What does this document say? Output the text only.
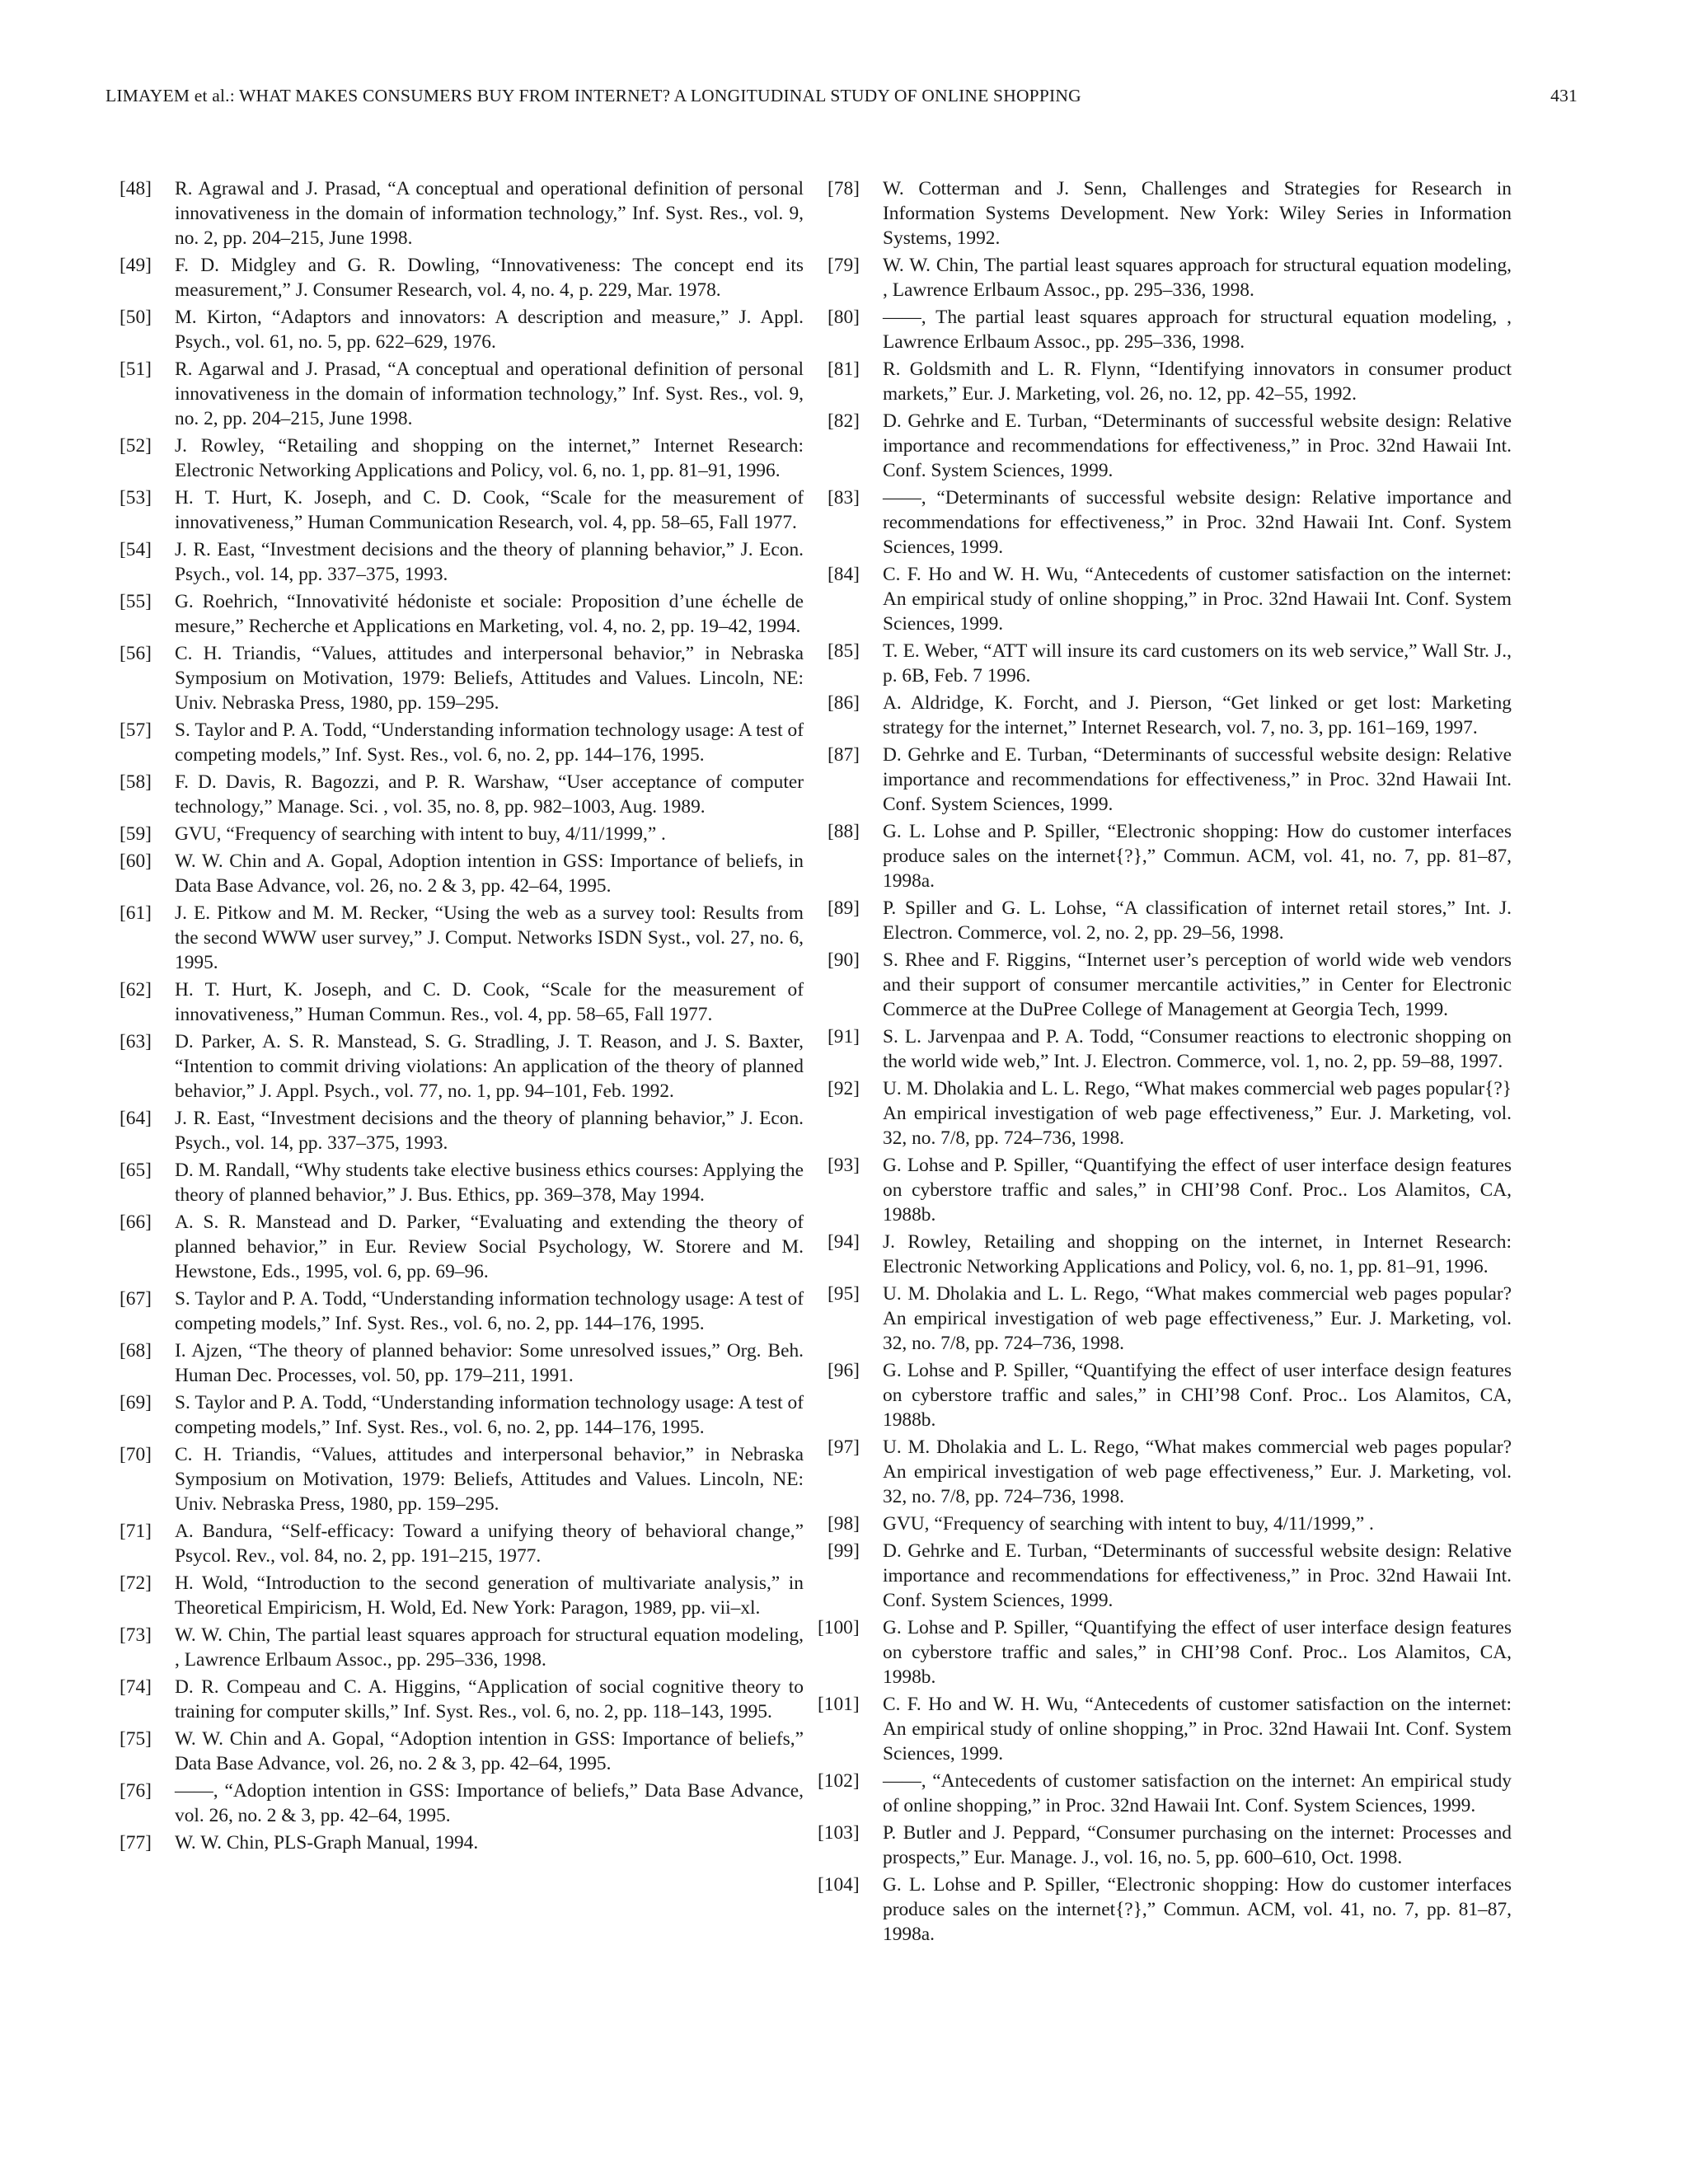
LIMAYEM et al.: WHAT MAKES CONSUMERS BUY FROM INTERNET? A LONGITUDINAL STUDY OF ONLINE SHOPPING	431
[48] R. Agrawal and J. Prasad, “A conceptual and operational definition of personal innovativeness in the domain of information technology,” Inf. Syst. Res., vol. 9, no. 2, pp. 204–215, June 1998.
[49] F. D. Midgley and G. R. Dowling, “Innovativeness: The concept end its measurement,” J. Consumer Research, vol. 4, no. 4, p. 229, Mar. 1978.
[50] M. Kirton, “Adaptors and innovators: A description and measure,” J. Appl. Psych., vol. 61, no. 5, pp. 622–629, 1976.
[51] R. Agarwal and J. Prasad, “A conceptual and operational definition of personal innovativeness in the domain of information technology,” Inf. Syst. Res., vol. 9, no. 2, pp. 204–215, June 1998.
[52] J. Rowley, “Retailing and shopping on the internet,” Internet Research: Electronic Networking Applications and Policy, vol. 6, no. 1, pp. 81–91, 1996.
[53] H. T. Hurt, K. Joseph, and C. D. Cook, “Scale for the measurement of innovativeness,” Human Communication Research, vol. 4, pp. 58–65, Fall 1977.
[54] J. R. East, “Investment decisions and the theory of planning behavior,” J. Econ. Psych., vol. 14, pp. 337–375, 1993.
[55] G. Roehrich, “Innovativité hédoniste et sociale: Proposition d’une échelle de mesure,” Recherche et Applications en Marketing, vol. 4, no. 2, pp. 19–42, 1994.
[56] C. H. Triandis, “Values, attitudes and interpersonal behavior,” in Nebraska Symposium on Motivation, 1979: Beliefs, Attitudes and Values. Lincoln, NE: Univ. Nebraska Press, 1980, pp. 159–295.
[57] S. Taylor and P. A. Todd, “Understanding information technology usage: A test of competing models,” Inf. Syst. Res., vol. 6, no. 2, pp. 144–176, 1995.
[58] F. D. Davis, R. Bagozzi, and P. R. Warshaw, “User acceptance of computer technology,” Manage. Sci. , vol. 35, no. 8, pp. 982–1003, Aug. 1989.
[59] GVU, “Frequency of searching with intent to buy, 4/11/1999,” .
[60] W. W. Chin and A. Gopal, Adoption intention in GSS: Importance of beliefs, in Data Base Advance, vol. 26, no. 2 & 3, pp. 42–64, 1995.
[61] J. E. Pitkow and M. M. Recker, “Using the web as a survey tool: Results from the second WWW user survey,” J. Comput. Networks ISDN Syst., vol. 27, no. 6, 1995.
[62] H. T. Hurt, K. Joseph, and C. D. Cook, “Scale for the measurement of innovativeness,” Human Commun. Res., vol. 4, pp. 58–65, Fall 1977.
[63] D. Parker, A. S. R. Manstead, S. G. Stradling, J. T. Reason, and J. S. Baxter, “Intention to commit driving violations: An application of the theory of planned behavior,” J. Appl. Psych., vol. 77, no. 1, pp. 94–101, Feb. 1992.
[64] J. R. East, “Investment decisions and the theory of planning behavior,” J. Econ. Psych., vol. 14, pp. 337–375, 1993.
[65] D. M. Randall, “Why students take elective business ethics courses: Applying the theory of planned behavior,” J. Bus. Ethics, pp. 369–378, May 1994.
[66] A. S. R. Manstead and D. Parker, “Evaluating and extending the theory of planned behavior,” in Eur. Review Social Psychology, W. Storere and M. Hewstone, Eds., 1995, vol. 6, pp. 69–96.
[67] S. Taylor and P. A. Todd, “Understanding information technology usage: A test of competing models,” Inf. Syst. Res., vol. 6, no. 2, pp. 144–176, 1995.
[68] I. Ajzen, “The theory of planned behavior: Some unresolved issues,” Org. Beh. Human Dec. Processes, vol. 50, pp. 179–211, 1991.
[69] S. Taylor and P. A. Todd, “Understanding information technology usage: A test of competing models,” Inf. Syst. Res., vol. 6, no. 2, pp. 144–176, 1995.
[70] C. H. Triandis, “Values, attitudes and interpersonal behavior,” in Nebraska Symposium on Motivation, 1979: Beliefs, Attitudes and Values. Lincoln, NE: Univ. Nebraska Press, 1980, pp. 159–295.
[71] A. Bandura, “Self-efficacy: Toward a unifying theory of behavioral change,” Psycol. Rev., vol. 84, no. 2, pp. 191–215, 1977.
[72] H. Wold, “Introduction to the second generation of multivariate analysis,” in Theoretical Empiricism, H. Wold, Ed. New York: Paragon, 1989, pp. vii–xl.
[73] W. W. Chin, The partial least squares approach for structural equation modeling, , Lawrence Erlbaum Assoc., pp. 295–336, 1998.
[74] D. R. Compeau and C. A. Higgins, “Application of social cognitive theory to training for computer skills,” Inf. Syst. Res., vol. 6, no. 2, pp. 118–143, 1995.
[75] W. W. Chin and A. Gopal, “Adoption intention in GSS: Importance of beliefs,” Data Base Advance, vol. 26, no. 2 & 3, pp. 42–64, 1995.
[76] ——, “Adoption intention in GSS: Importance of beliefs,” Data Base Advance, vol. 26, no. 2 & 3, pp. 42–64, 1995.
[77] W. W. Chin, PLS-Graph Manual, 1994.
[78] W. Cotterman and J. Senn, Challenges and Strategies for Research in Information Systems Development. New York: Wiley Series in Information Systems, 1992.
[79] W. W. Chin, The partial least squares approach for structural equation modeling, , Lawrence Erlbaum Assoc., pp. 295–336, 1998.
[80] ——, The partial least squares approach for structural equation modeling, , Lawrence Erlbaum Assoc., pp. 295–336, 1998.
[81] R. Goldsmith and L. R. Flynn, “Identifying innovators in consumer product markets,” Eur. J. Marketing, vol. 26, no. 12, pp. 42–55, 1992.
[82] D. Gehrke and E. Turban, “Determinants of successful website design: Relative importance and recommendations for effectiveness,” in Proc. 32nd Hawaii Int. Conf. System Sciences, 1999.
[83] ——, “Determinants of successful website design: Relative importance and recommendations for effectiveness,” in Proc. 32nd Hawaii Int. Conf. System Sciences, 1999.
[84] C. F. Ho and W. H. Wu, “Antecedents of customer satisfaction on the internet: An empirical study of online shopping,” in Proc. 32nd Hawaii Int. Conf. System Sciences, 1999.
[85] T. E. Weber, “ATT will insure its card customers on its web service,” Wall Str. J., p. 6B, Feb. 7 1996.
[86] A. Aldridge, K. Forcht, and J. Pierson, “Get linked or get lost: Marketing strategy for the internet,” Internet Research, vol. 7, no. 3, pp. 161–169, 1997.
[87] D. Gehrke and E. Turban, “Determinants of successful website design: Relative importance and recommendations for effectiveness,” in Proc. 32nd Hawaii Int. Conf. System Sciences, 1999.
[88] G. L. Lohse and P. Spiller, “Electronic shopping: How do customer interfaces produce sales on the internet{?},” Commun. ACM, vol. 41, no. 7, pp. 81–87, 1998a.
[89] P. Spiller and G. L. Lohse, “A classification of internet retail stores,” Int. J. Electron. Commerce, vol. 2, no. 2, pp. 29–56, 1998.
[90] S. Rhee and F. Riggins, “Internet user’s perception of world wide web vendors and their support of consumer mercantile activities,” in Center for Electronic Commerce at the DuPree College of Management at Georgia Tech, 1999.
[91] S. L. Jarvenpaa and P. A. Todd, “Consumer reactions to electronic shopping on the world wide web,” Int. J. Electron. Commerce, vol. 1, no. 2, pp. 59–88, 1997.
[92] U. M. Dholakia and L. L. Rego, “What makes commercial web pages popular{?} An empirical investigation of web page effectiveness,” Eur. J. Marketing, vol. 32, no. 7/8, pp. 724–736, 1998.
[93] G. Lohse and P. Spiller, “Quantifying the effect of user interface design features on cyberstore traffic and sales,” in CHI’98 Conf. Proc.. Los Alamitos, CA, 1988b.
[94] J. Rowley, Retailing and shopping on the internet, in Internet Research: Electronic Networking Applications and Policy, vol. 6, no. 1, pp. 81–91, 1996.
[95] U. M. Dholakia and L. L. Rego, “What makes commercial web pages popular? An empirical investigation of web page effectiveness,” Eur. J. Marketing, vol. 32, no. 7/8, pp. 724–736, 1998.
[96] G. Lohse and P. Spiller, “Quantifying the effect of user interface design features on cyberstore traffic and sales,” in CHI’98 Conf. Proc.. Los Alamitos, CA, 1988b.
[97] U. M. Dholakia and L. L. Rego, “What makes commercial web pages popular? An empirical investigation of web page effectiveness,” Eur. J. Marketing, vol. 32, no. 7/8, pp. 724–736, 1998.
[98] GVU, “Frequency of searching with intent to buy, 4/11/1999,” .
[99] D. Gehrke and E. Turban, “Determinants of successful website design: Relative importance and recommendations for effectiveness,” in Proc. 32nd Hawaii Int. Conf. System Sciences, 1999.
[100] G. Lohse and P. Spiller, “Quantifying the effect of user interface design features on cyberstore traffic and sales,” in CHI’98 Conf. Proc.. Los Alamitos, CA, 1998b.
[101] C. F. Ho and W. H. Wu, “Antecedents of customer satisfaction on the internet: An empirical study of online shopping,” in Proc. 32nd Hawaii Int. Conf. System Sciences, 1999.
[102] ——, “Antecedents of customer satisfaction on the internet: An empirical study of online shopping,” in Proc. 32nd Hawaii Int. Conf. System Sciences, 1999.
[103] P. Butler and J. Peppard, “Consumer purchasing on the internet: Processes and prospects,” Eur. Manage. J., vol. 16, no. 5, pp. 600–610, Oct. 1998.
[104] G. L. Lohse and P. Spiller, “Electronic shopping: How do customer interfaces produce sales on the internet{?},” Commun. ACM, vol. 41, no. 7, pp. 81–87, 1998a.
